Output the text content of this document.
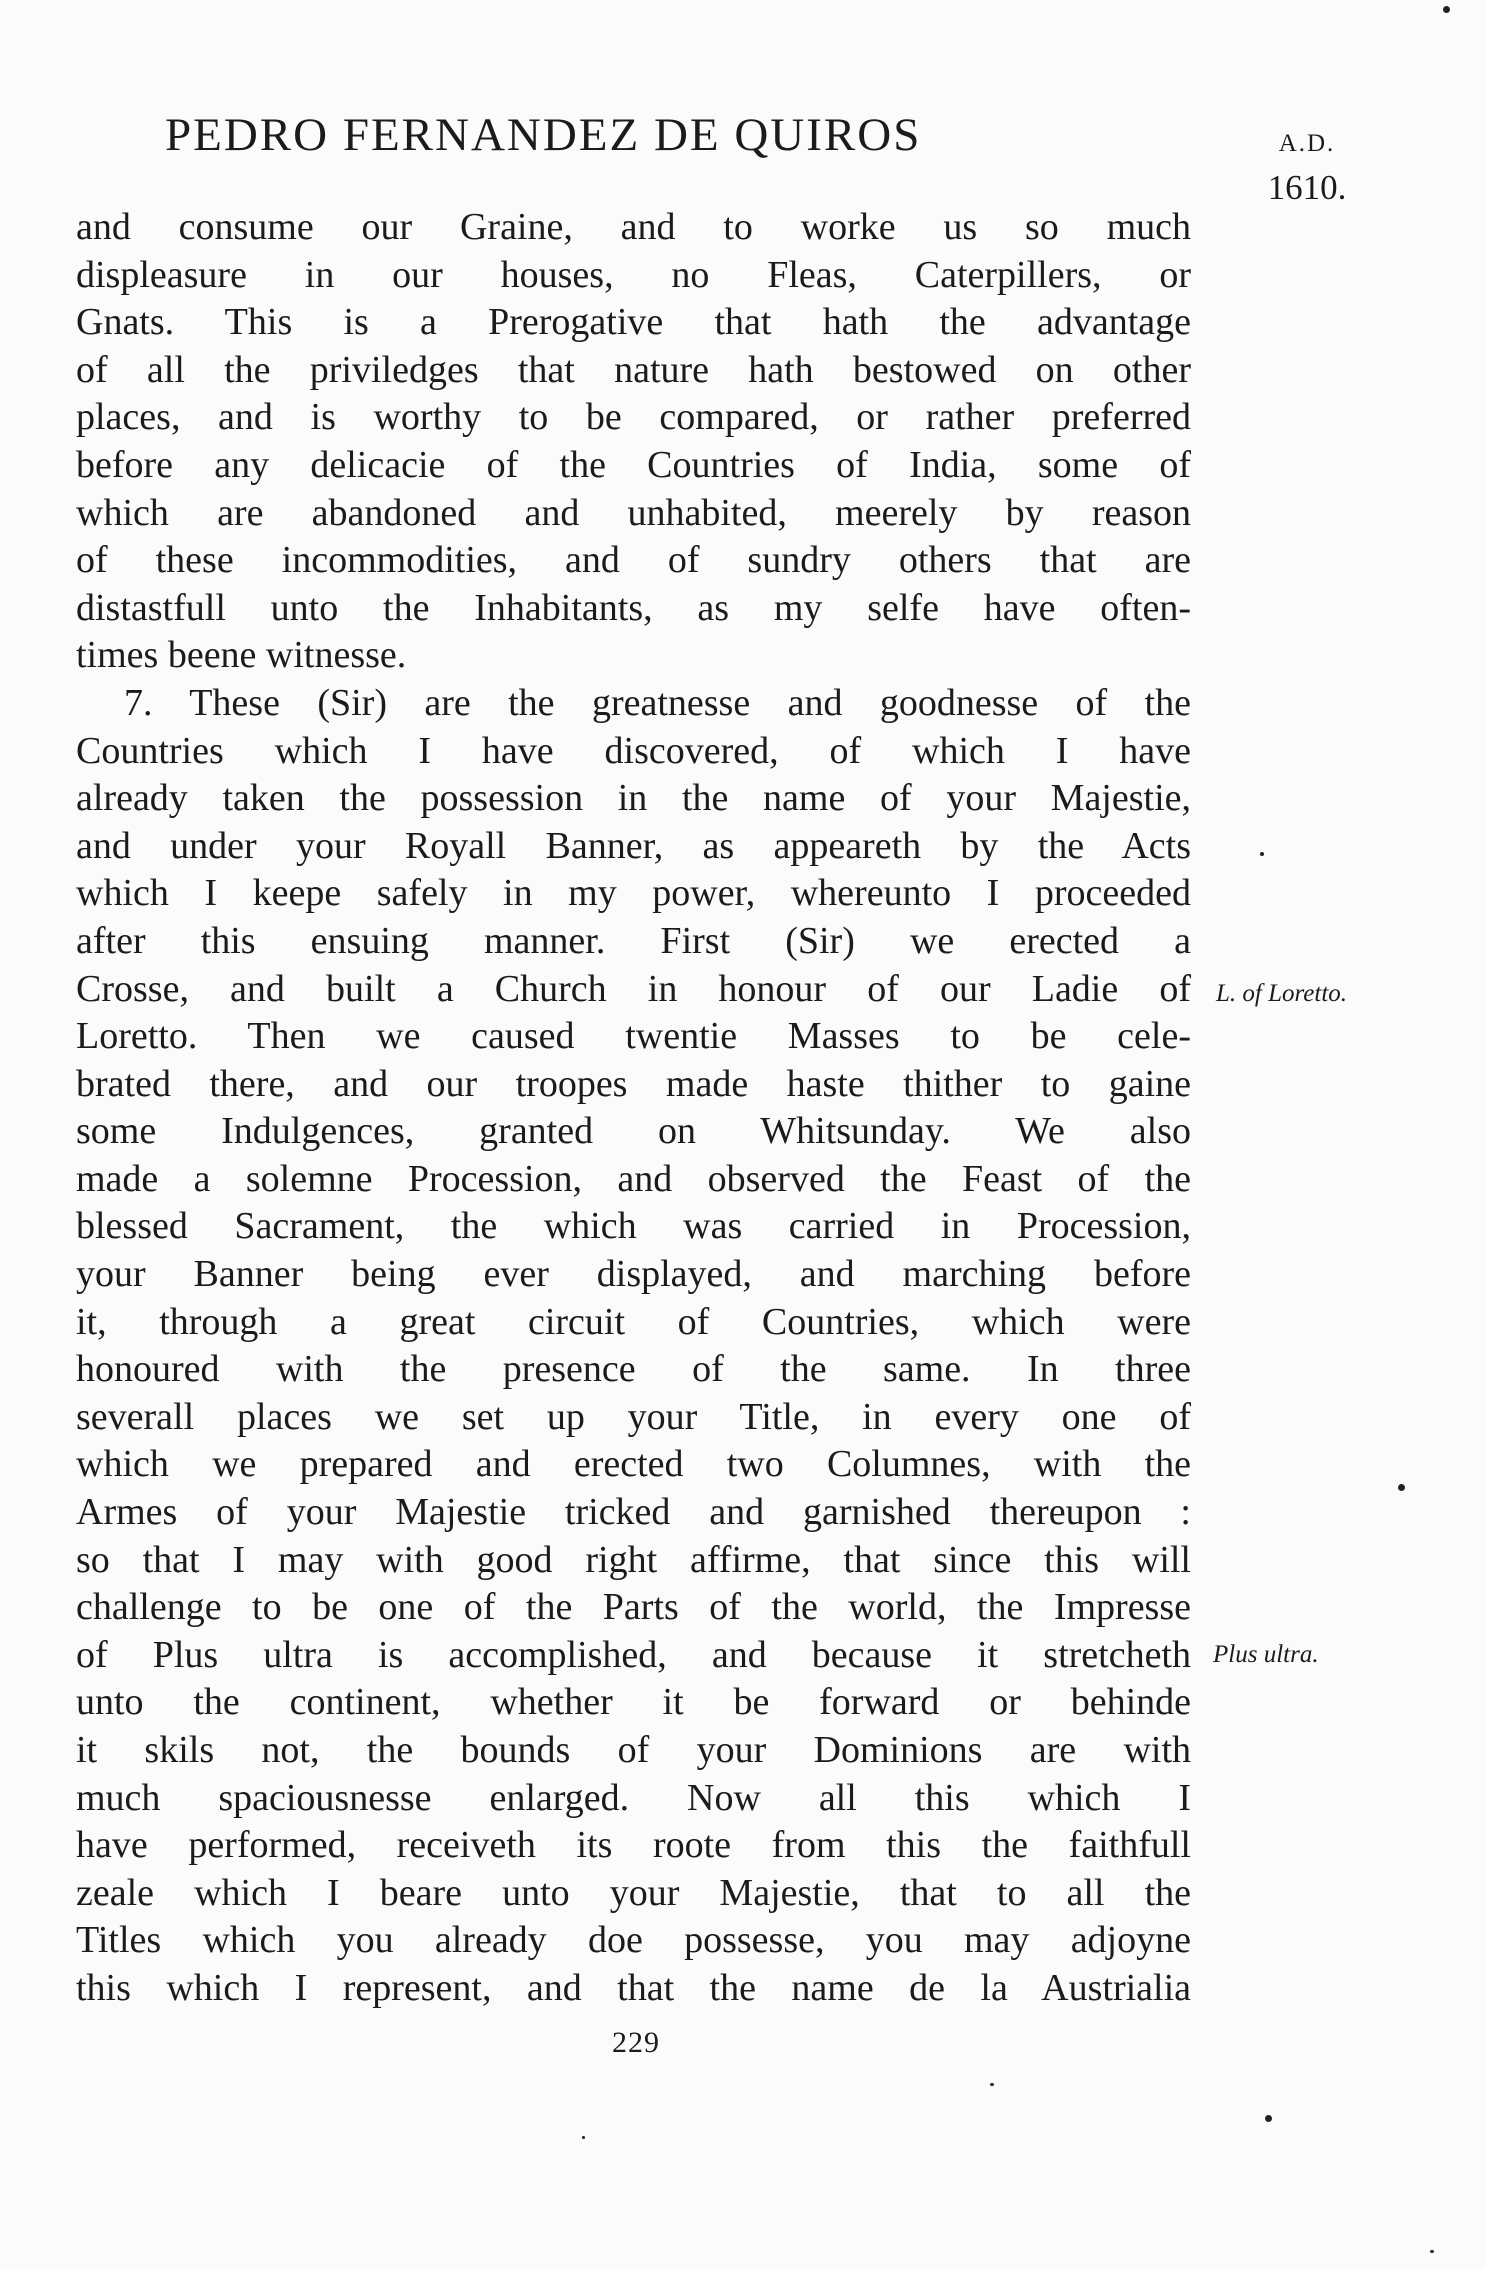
PEDRO FERNANDEZ DE QUIROS	A.D.
1610.
and consume our Graine, and to worke us so much
displeasure in our houses, no Fleas, Caterpillers, or
Gnats. This is a Prerogative that hath the advantage
of all the priviledges that nature hath bestowed on other
places, and is worthy to be compared, or rather preferred
before any delicacie of the Countries of India, some of
which are abandoned and unhabited, meerely by reason
of these incommodities, and of sundry others that are
distastfull unto the Inhabitants, as my selfe have often-
times beene witnesse.
7. These (Sir) are the greatnesse and goodnesse of the
Countries which I have discovered, of which I have
already taken the possession in the name of your Majestie,
and under your Royall Banner, as appeareth by the Acts
which I keepe safely in my power, whereunto I proceeded
after this ensuing manner. First (Sir) we erected a
Crosse, and built a Church in honour of our Ladie of
Loretto. Then we caused twentie Masses to be cele-
brated there, and our troopes made haste thither to gaine
some Indulgences, granted on Whitsunday. We also
made a solemne Procession, and observed the Feast of the
blessed Sacrament, the which was carried in Procession,
your Banner being ever displayed, and marching before
it, through a great circuit of Countries, which were
honoured with the presence of the same. In three
severall places we set up your Title, in every one of
which we prepared and erected two Columnes, with the
Armes of your Majestie tricked and garnished thereupon :
so that I may with good right affirme, that since this will
challenge to be one of the Parts of the world, the Impresse
of Plus ultra is accomplished, and because it stretcheth
unto the continent, whether it be forward or behinde
it skils not, the bounds of your Dominions are with
much spaciousnesse enlarged. Now all this which I
have performed, receiveth its roote from this the faithfull
zeale which I beare unto your Majestie, that to all the
Titles which you already doe possesse, you may adjoyne
this which I represent, and that the name de la Austrialia
L. of Loretto.
Plus ultra.
229
